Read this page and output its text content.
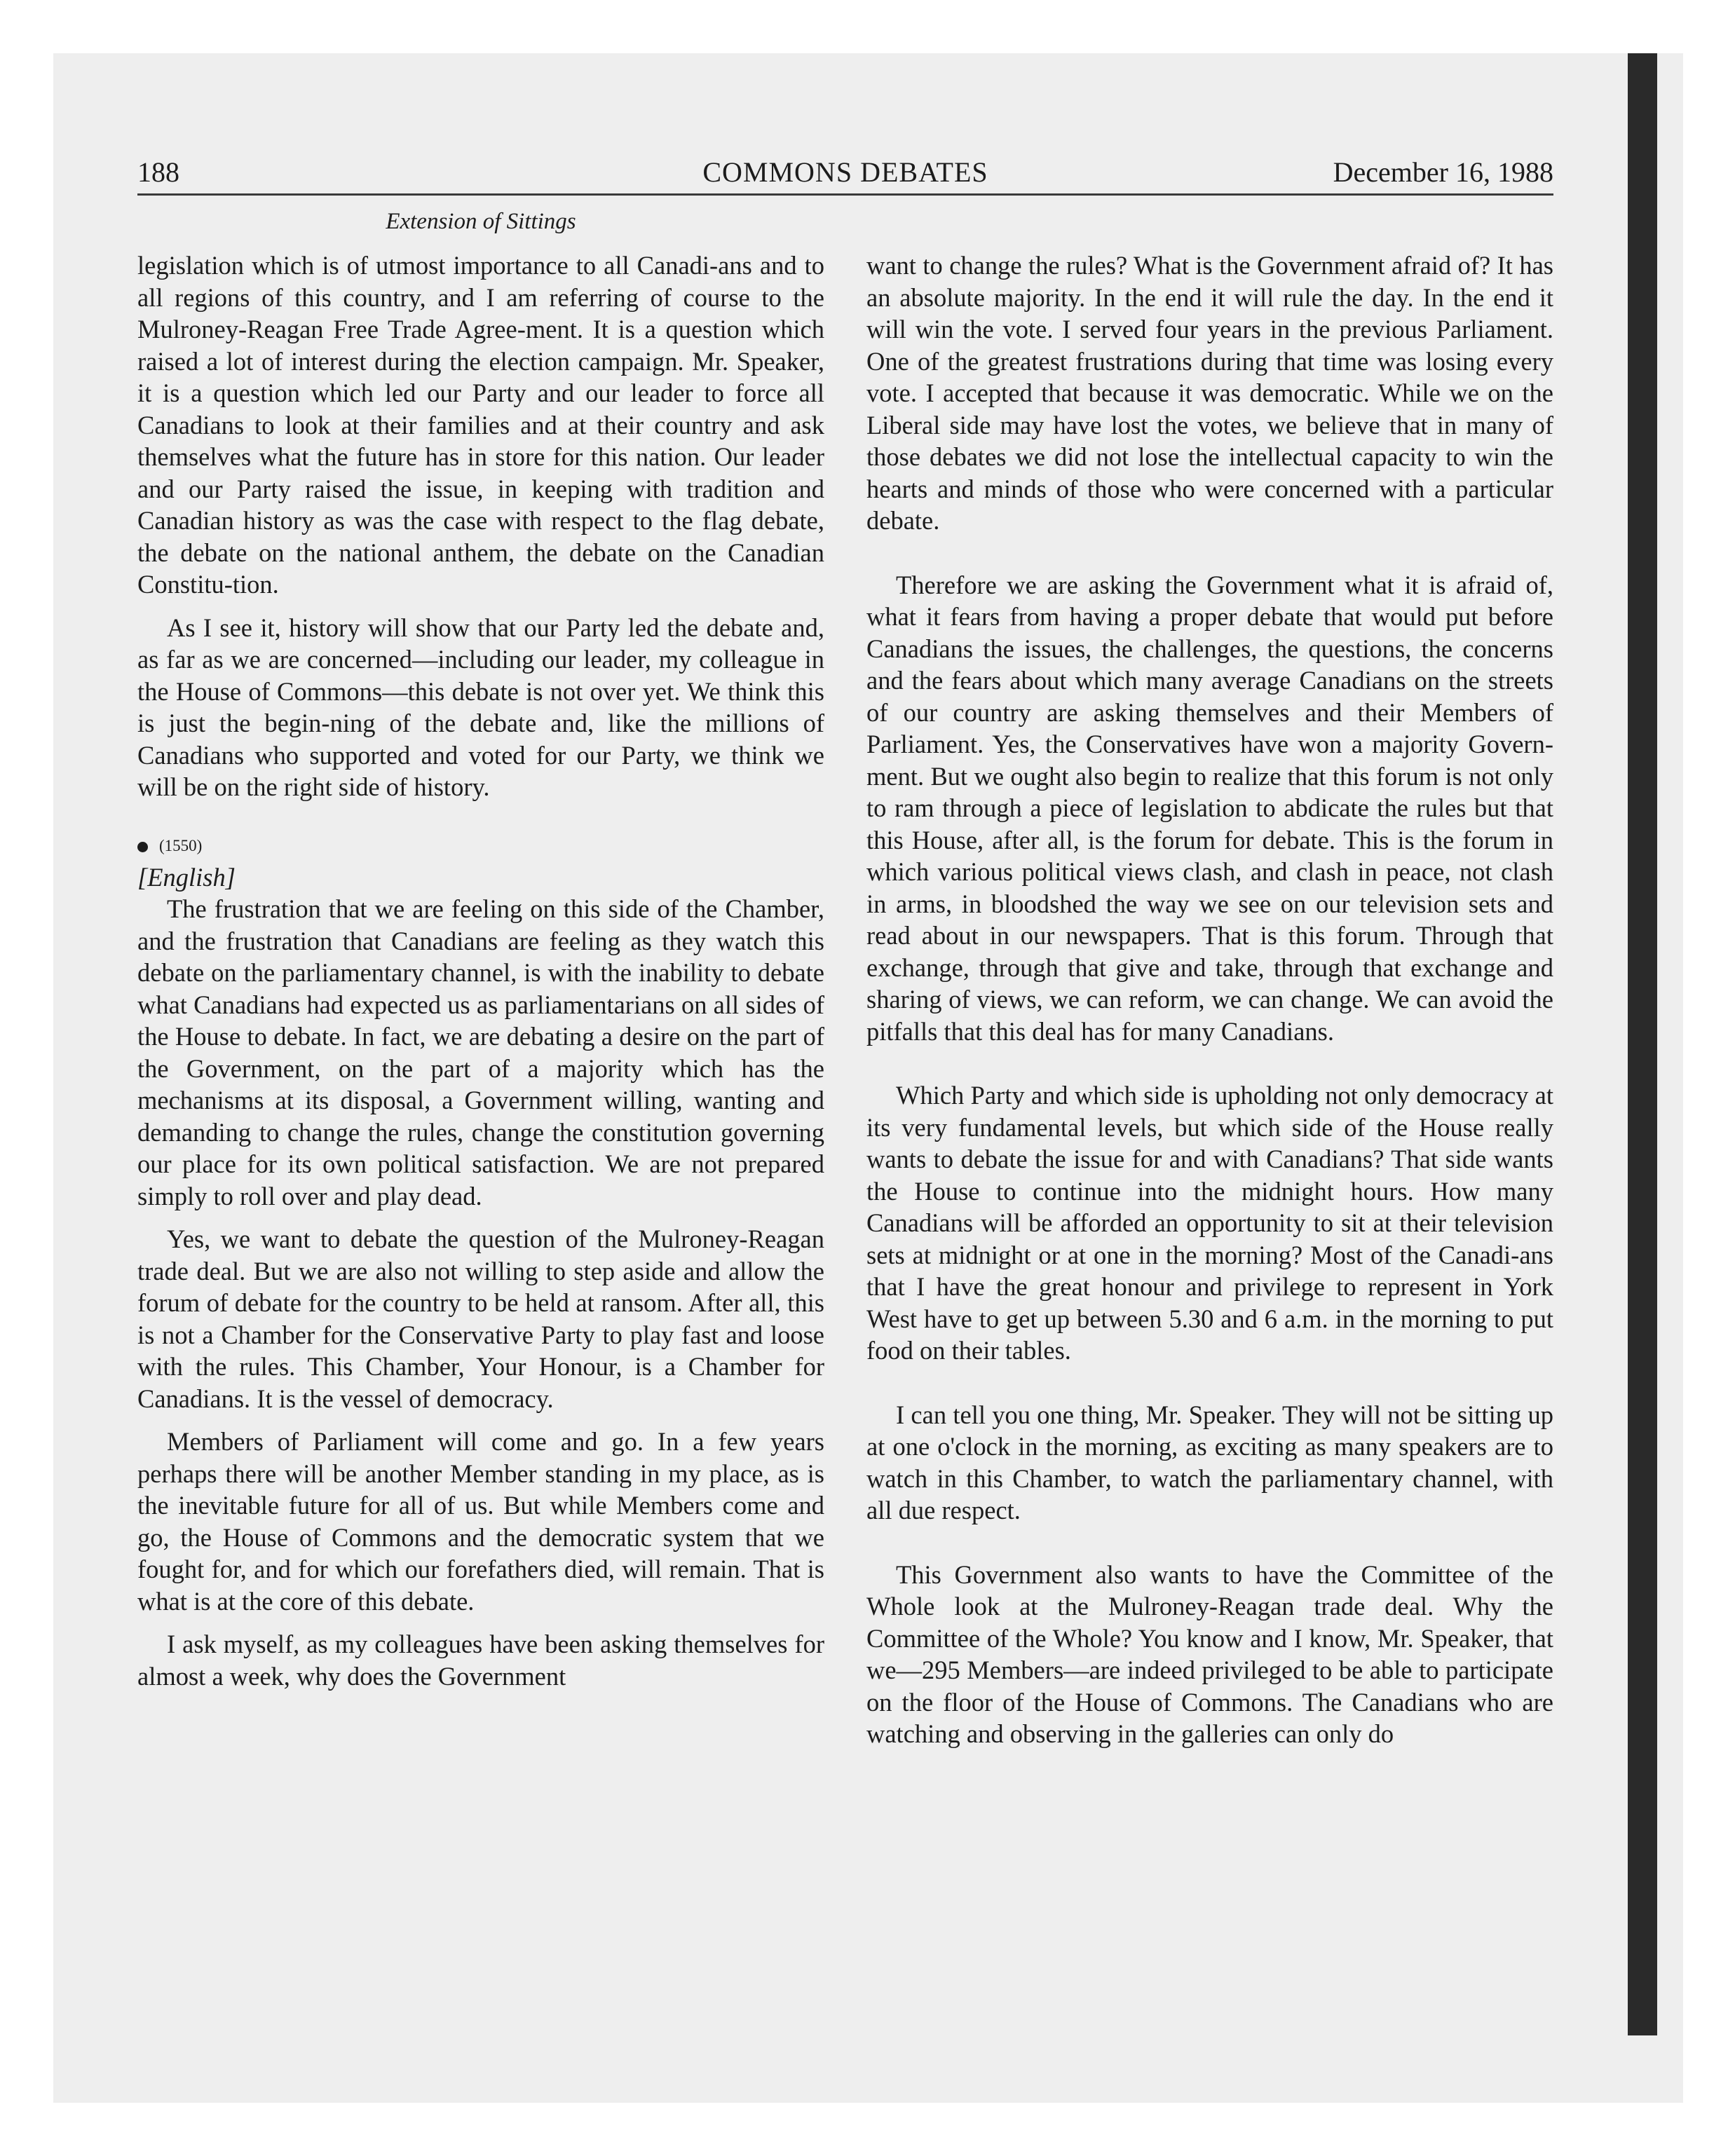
COMMONS DEBATES
188	December 16, 1988
Extension of Sittings

legislation which is of utmost importance to all Canadi-ans and to all regions of this country, and I am referring of course to the Mulroney-Reagan Free Trade Agree-ment. It is a question which raised a lot of interest during the election campaign. Mr. Speaker, it is a question which led our Party and our leader to force all Canadians to look at their families and at their country and ask themselves what the future has in store for this nation. Our leader and our Party raised the issue, in keeping with tradition and Canadian history as was the case with respect to the flag debate, the debate on the national anthem, the debate on the Canadian Constitu-tion.

As I see it, history will show that our Party led the debate and, as far as we are concerned—including our leader, my colleague in the House of Commons—this debate is not over yet. We think this is just the begin-ning of the debate and, like the millions of Canadians who supported and voted for our Party, we think we will be on the right side of history.

(1550)

[English]

The frustration that we are feeling on this side of the Chamber, and the frustration that Canadians are feeling as they watch this debate on the parliamentary channel, is with the inability to debate what Canadians had expected us as parliamentarians on all sides of the House to debate. In fact, we are debating a desire on the part of the Government, on the part of a majority which has the mechanisms at its disposal, a Government willing, wanting and demanding to change the rules, change the constitution governing our place for its own political satisfaction. We are not prepared simply to roll over and play dead.

Yes, we want to debate the question of the Mulroney-Reagan trade deal. But we are also not willing to step aside and allow the forum of debate for the country to be held at ransom. After all, this is not a Chamber for the Conservative Party to play fast and loose with the rules. This Chamber, Your Honour, is a Chamber for Canadians. It is the vessel of democracy.

Members of Parliament will come and go. In a few years perhaps there will be another Member standing in my place, as is the inevitable future for all of us. But while Members come and go, the House of Commons and the democratic system that we fought for, and for which our forefathers died, will remain. That is what is at the core of this debate.

I ask myself, as my colleagues have been asking themselves for almost a week, why does the Government

want to change the rules? What is the Government afraid of? It has an absolute majority. In the end it will rule the day. In the end it will win the vote. I served four years in the previous Parliament. One of the greatest frustrations during that time was losing every vote. I accepted that because it was democratic. While we on the Liberal side may have lost the votes, we believe that in many of those debates we did not lose the intellectual capacity to win the hearts and minds of those who were concerned with a particular debate.

Therefore we are asking the Government what it is afraid of, what it fears from having a proper debate that would put before Canadians the issues, the challenges, the questions, the concerns and the fears about which many average Canadians on the streets of our country are asking themselves and their Members of Parliament. Yes, the Conservatives have won a majority Govern-ment. But we ought also begin to realize that this forum is not only to ram through a piece of legislation to abdicate the rules but that this House, after all, is the forum for debate. This is the forum in which various political views clash, and clash in peace, not clash in arms, in bloodshed the way we see on our television sets and read about in our newspapers. That is this forum. Through that exchange, through that give and take, through that exchange and sharing of views, we can reform, we can change. We can avoid the pitfalls that this deal has for many Canadians.

Which Party and which side is upholding not only democracy at its very fundamental levels, but which side of the House really wants to debate the issue for and with Canadians? That side wants the House to continue into the midnight hours. How many Canadians will be afforded an opportunity to sit at their television sets at midnight or at one in the morning? Most of the Canadi-ans that I have the great honour and privilege to represent in York West have to get up between 5.30 and 6 a.m. in the morning to put food on their tables.

I can tell you one thing, Mr. Speaker. They will not be sitting up at one o'clock in the morning, as exciting as many speakers are to watch in this Chamber, to watch the parliamentary channel, with all due respect.

This Government also wants to have the Committee of the Whole look at the Mulroney-Reagan trade deal. Why the Committee of the Whole? You know and I know, Mr. Speaker, that we—295 Members—are indeed privileged to be able to participate on the floor of the House of Commons. The Canadians who are watching and observing in the galleries can only do
